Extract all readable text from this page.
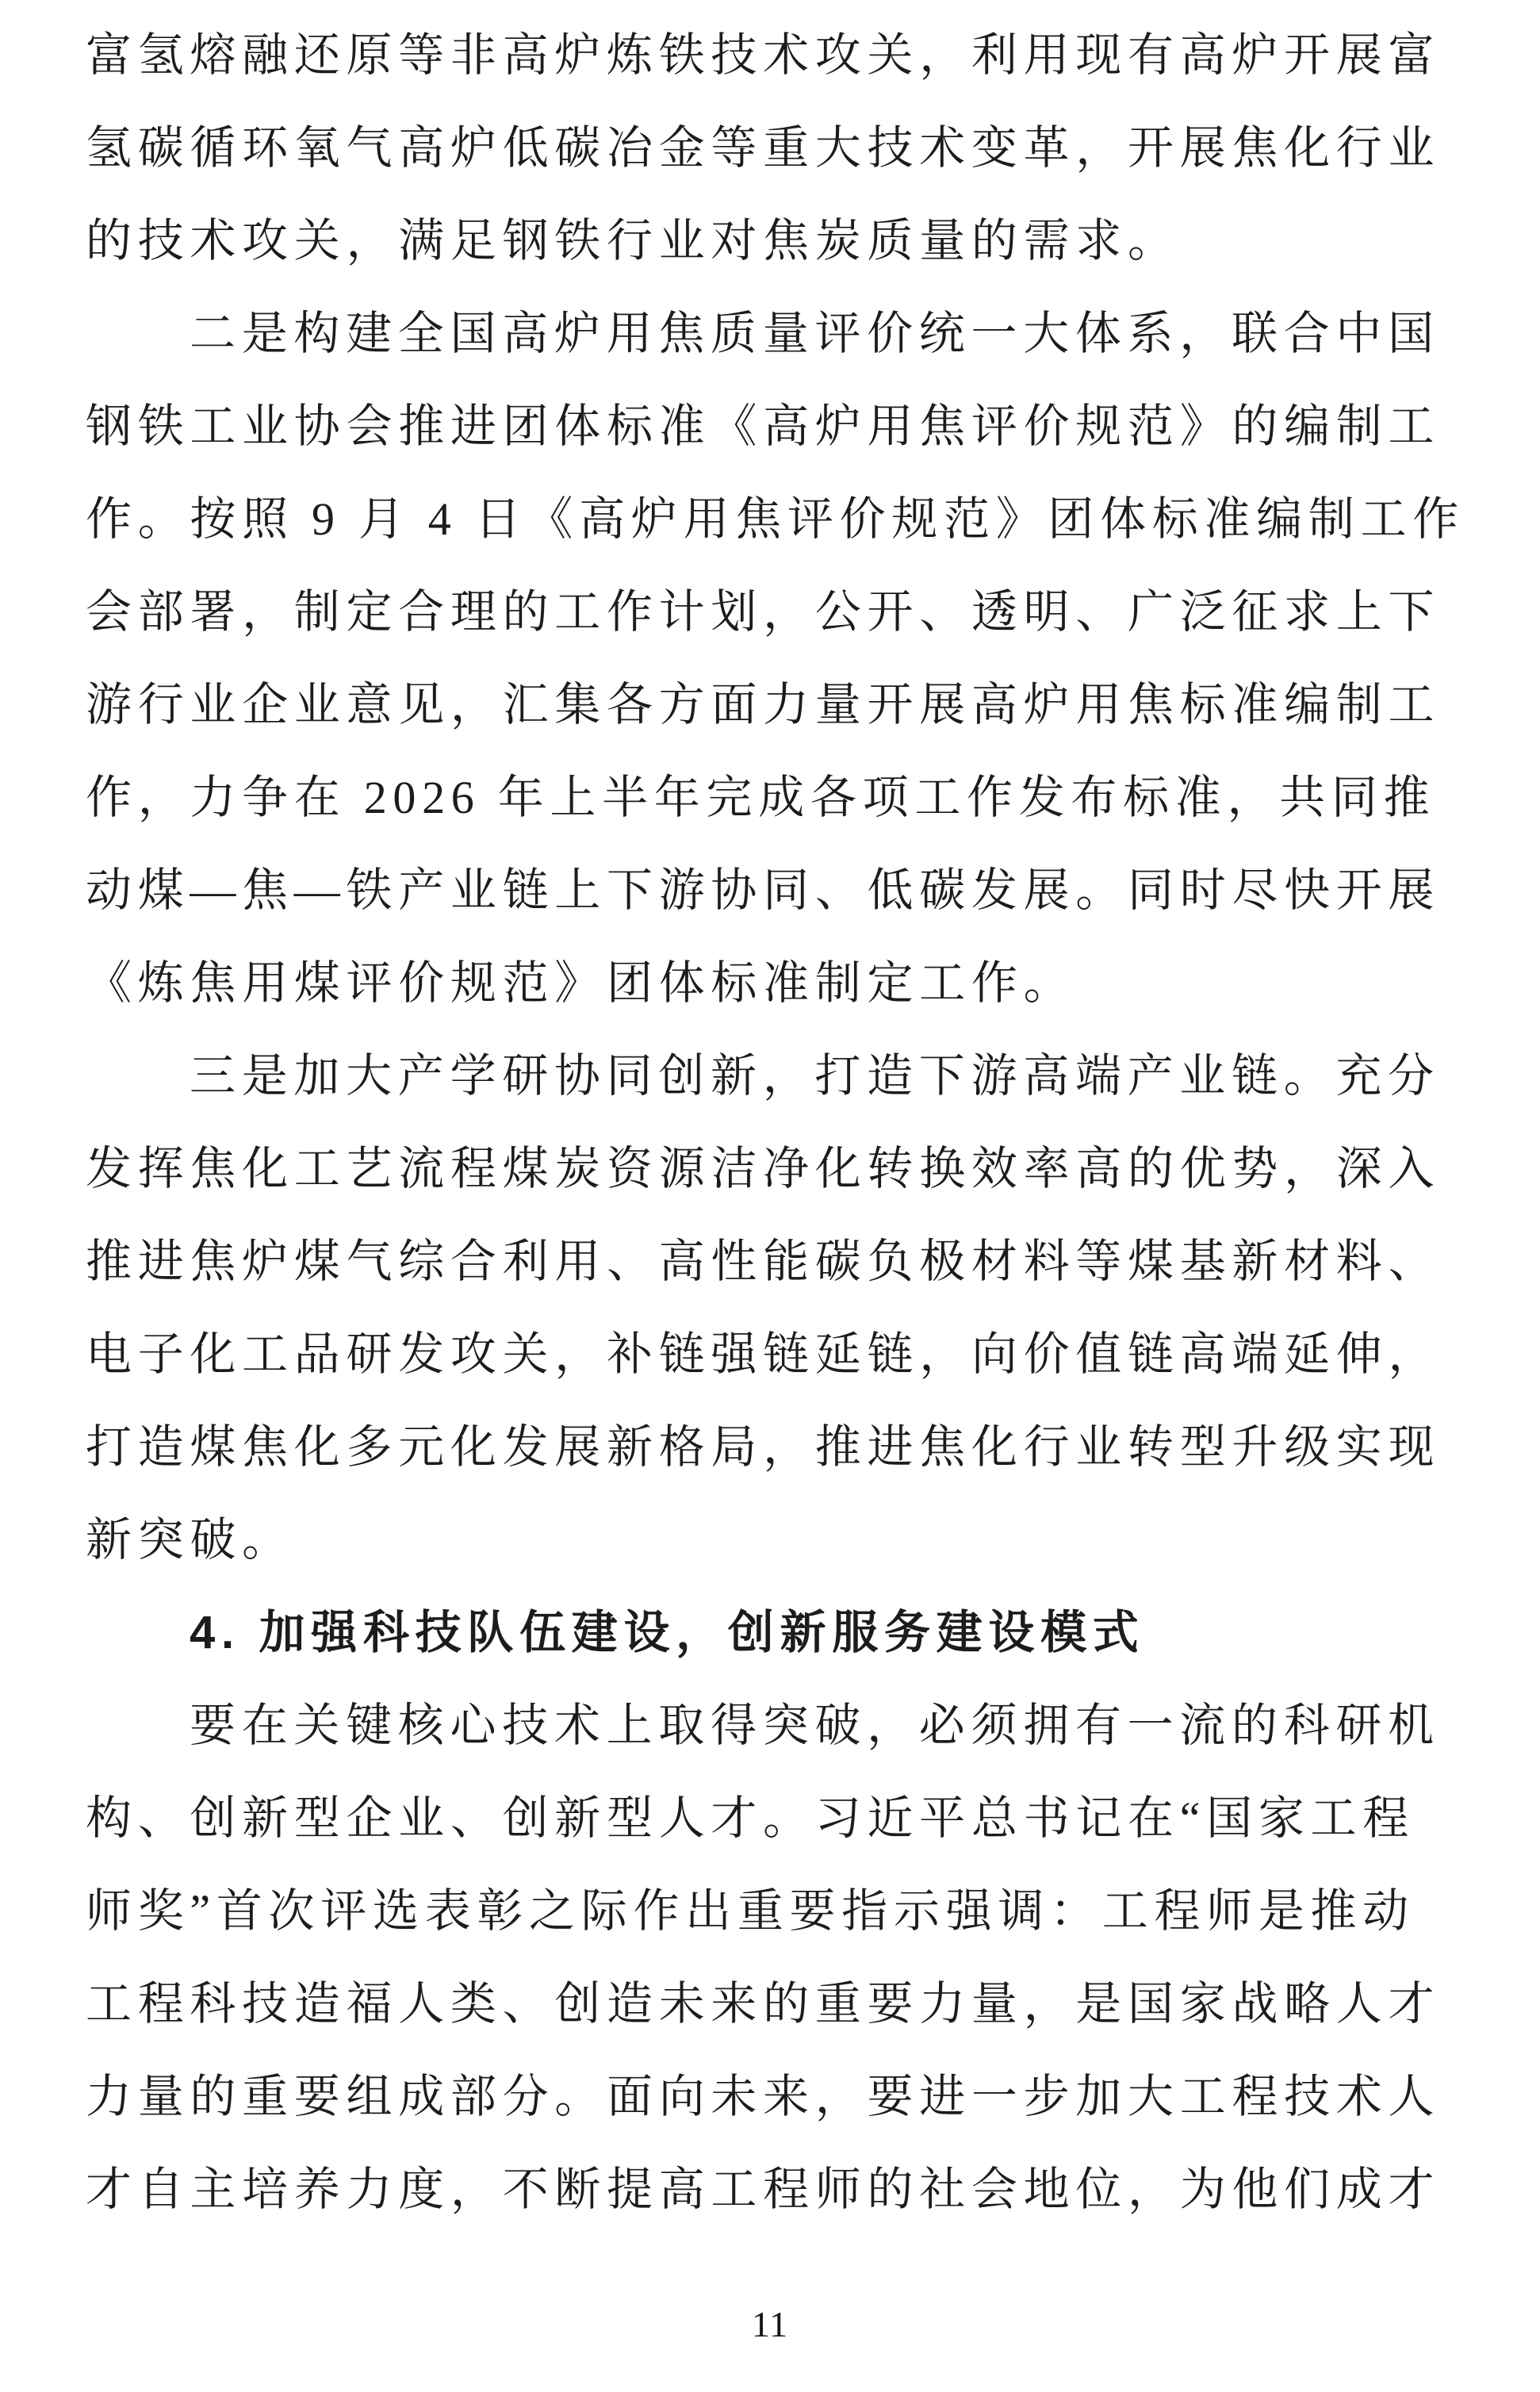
富氢熔融还原等非高炉炼铁技术攻关，利用现有高炉开展富
氢碳循环氧气高炉低碳冶金等重大技术变革，开展焦化行业
的技术攻关，满足钢铁行业对焦炭质量的需求。
二是构建全国高炉用焦质量评价统一大体系，联合中国
钢铁工业协会推进团体标准《高炉用焦评价规范》的编制工
作。按照 9 月 4 日《高炉用焦评价规范》团体标准编制工作
会部署，制定合理的工作计划，公开、透明、广泛征求上下
游行业企业意见，汇集各方面力量开展高炉用焦标准编制工
作，力争在 2026 年上半年完成各项工作发布标准，共同推
动煤—焦—铁产业链上下游协同、低碳发展。同时尽快开展
《炼焦用煤评价规范》团体标准制定工作。
三是加大产学研协同创新，打造下游高端产业链。充分
发挥焦化工艺流程煤炭资源洁净化转换效率高的优势，深入
推进焦炉煤气综合利用、高性能碳负极材料等煤基新材料、
电子化工品研发攻关，补链强链延链，向价值链高端延伸，
打造煤焦化多元化发展新格局，推进焦化行业转型升级实现
新突破。
4. 加强科技队伍建设，创新服务建设模式
要在关键核心技术上取得突破，必须拥有一流的科研机
构、创新型企业、创新型人才。习近平总书记在“国家工程
师奖”首次评选表彰之际作出重要指示强调：工程师是推动
工程科技造福人类、创造未来的重要力量，是国家战略人才
力量的重要组成部分。面向未来，要进一步加大工程技术人
才自主培养力度，不断提高工程师的社会地位，为他们成才
11
